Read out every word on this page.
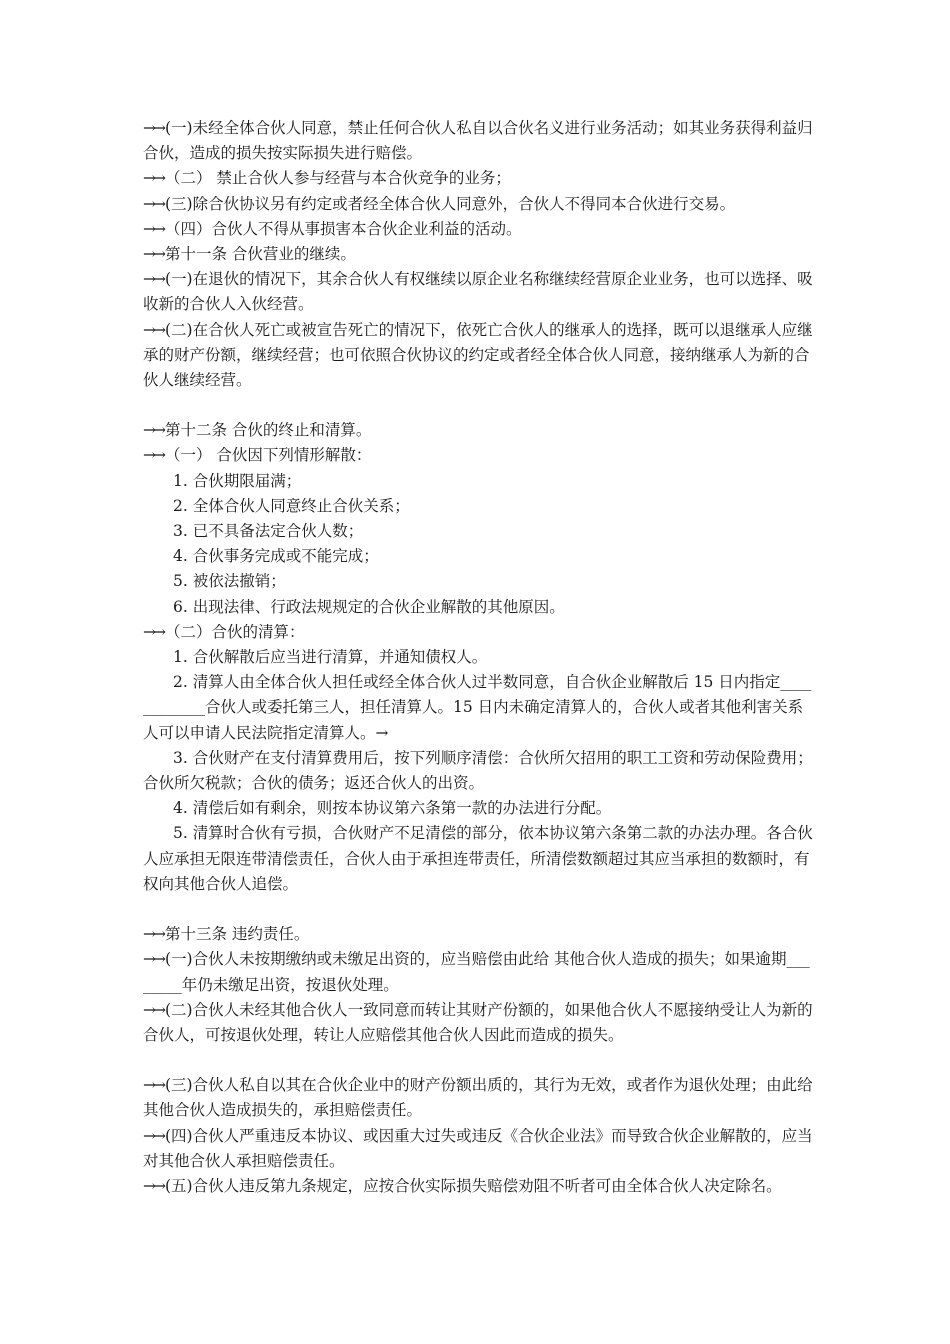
→→ (一)未经全体合伙人同意，禁止任何合伙人私自以合伙名义进行业务活动；如其业务获得利益归合伙，造成的损失按实际损失进行赔偿。

→→ （二） 禁止合伙人参与经营与本合伙竞争的业务；

→→ (三)除合伙协议另有约定或者经全体合伙人同意外，合伙人不得同本合伙进行交易。

→→ （四）合伙人不得从事损害本合伙企业利益的活动。

→→ 第十一条 合伙营业的继续。

→→ (一)在退伙的情况下，其余合伙人有权继续以原企业名称继续经营原企业业务，也可以选择、吸收新的合伙人入伙经营。

→→ (二)在合伙人死亡或被宣告死亡的情况下，依死亡合伙人的继承人的选择，既可以退继承人应继承的财产份额，继续经营；也可依照合伙协议的约定或者经全体合伙人同意，接纳继承人为新的合伙人继续经营。

→→ 第十二条 合伙的终止和清算。

→→ （一） 合伙因下列情形解散：

1. 合伙期限届满；

2. 全体合伙人同意终止合伙关系；

3. 已不具备法定合伙人数；

4. 合伙事务完成或不能完成；

5. 被依法撤销；

6. 出现法律、行政法规规定的合伙企业解散的其他原因。

→→ （二）合伙的清算：

1. 合伙解散后应当进行清算，并通知债权人。

2. 清算人由全体合伙人担任或经全体合伙人过半数同意，自合伙企业解散后 15 日内指定____________合伙人或委托第三人，担任清算人。15 日内未确定清算人的，合伙人或者其他利害关系人可以申请人民法院指定清算人。→

3. 合伙财产在支付清算费用后，按下列顺序清偿：合伙所欠招用的职工工资和劳动保险费用；合伙所欠税款；合伙的债务；返还合伙人的出资。

4. 清偿后如有剩余，则按本协议第六条第一款的办法进行分配。

5. 清算时合伙有亏损，合伙财产不足清偿的部分，依本协议第六条第二款的办法办理。各合伙人应承担无限连带清偿责任，合伙人由于承担连带责任，所清偿数额超过其应当承担的数额时，有权向其他合伙人追偿。

→→ 第十三条 违约责任。

→→ (一)合伙人未按期缴纳或未缴足出资的，应当赔偿由此给 其他合伙人造成的损失；如果逾期________年仍未缴足出资，按退伙处理。

→→ (二)合伙人未经其他合伙人一致同意而转让其财产份额的，如果他合伙人不愿接纳受让人为新的合伙人，可按退伙处理，转让人应赔偿其他合伙人因此而造成的损失。

→→ (三)合伙人私自以其在合伙企业中的财产份额出质的，其行为无效，或者作为退伙处理；由此给其他合伙人造成损失的，承担赔偿责任。

→→ (四)合伙人严重违反本协议、或因重大过失或违反《合伙企业法》而导致合伙企业解散的，应当对其他合伙人承担赔偿责任。

→→ (五)合伙人违反第九条规定，应按合伙实际损失赔偿劝阻不听者可由全体合伙人决定除名。
